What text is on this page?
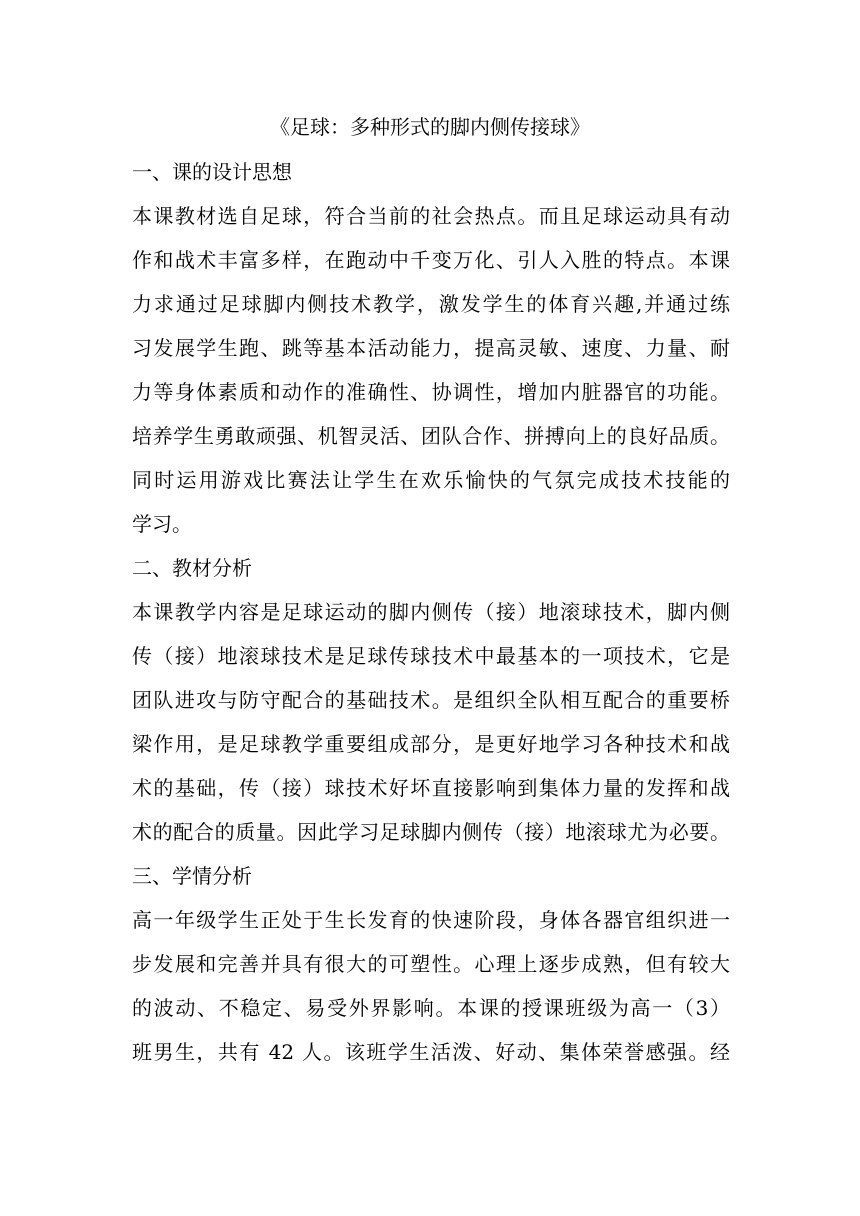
《足球：多种形式的脚内侧传接球》
一、课的设计思想
本课教材选自足球，符合当前的社会热点。而且足球运动具有动
作和战术丰富多样，在跑动中千变万化、引人入胜的特点。本课
力求通过足球脚内侧技术教学，激发学生的体育兴趣,并通过练
习发展学生跑、跳等基本活动能力，提高灵敏、速度、力量、耐
力等身体素质和动作的准确性、协调性，增加内脏器官的功能。
培养学生勇敢顽强、机智灵活、团队合作、拼搏向上的良好品质。
同时运用游戏比赛法让学生在欢乐愉快的气氛完成技术技能的
学习。
二、教材分析
本课教学内容是足球运动的脚内侧传（接）地滚球技术，脚内侧
传（接）地滚球技术是足球传球技术中最基本的一项技术，它是
团队进攻与防守配合的基础技术。是组织全队相互配合的重要桥
梁作用，是足球教学重要组成部分，是更好地学习各种技术和战
术的基础，传（接）球技术好坏直接影响到集体力量的发挥和战
术的配合的质量。因此学习足球脚内侧传（接）地滚球尤为必要。
三、学情分析
高一年级学生正处于生长发育的快速阶段，身体各器官组织进一
步发展和完善并具有很大的可塑性。心理上逐步成熟，但有较大
的波动、不稳定、易受外界影响。本课的授课班级为高一（3）
班男生，共有 42 人。该班学生活泼、好动、集体荣誉感强。经
